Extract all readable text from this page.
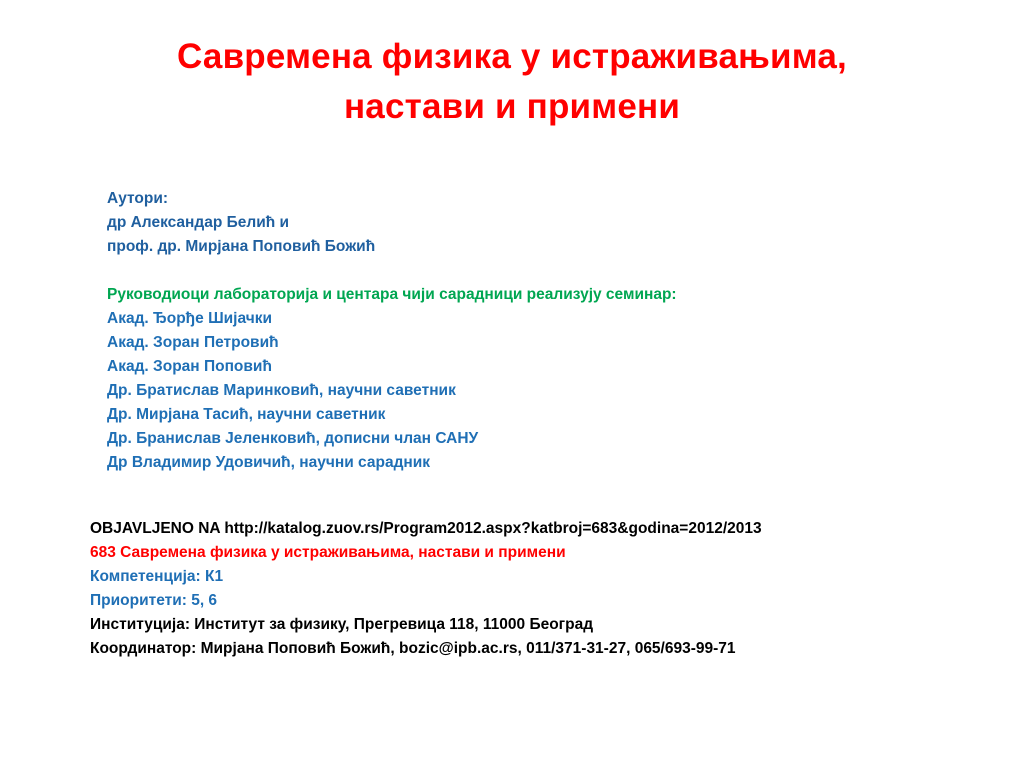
Савремена физика у истраживањима,
настави и примени
Аутори:
др Александар Белић и
проф. др. Мирјана Поповић Божић
Руководиоци лабораторија и центара чији сарадници реализују семинар:
Акад. Ђорђе Шијачки
Акад. Зоран Петровић
Акад. Зоран Поповић
Др. Братислав Маринковић, научни саветник
Др. Мирјана Тасић, научни саветник
Др. Бранислав Јеленковић, дописни члан САНУ
Др Владимир Удовичић, научни сарадник
OBJAVLJENO NA http://katalog.zuov.rs/Program2012.aspx?katbroj=683&godina=2012/2013
683 Савремена физика у истраживањима, настави и примени
Компетенција: К1
Приоритети: 5, 6
Институција: Институт за физику, Прегревица 118, 11000 Београд
Координатор: Мирјана Поповић Божић, bozic@ipb.ac.rs, 011/371-31-27, 065/693-99-71
